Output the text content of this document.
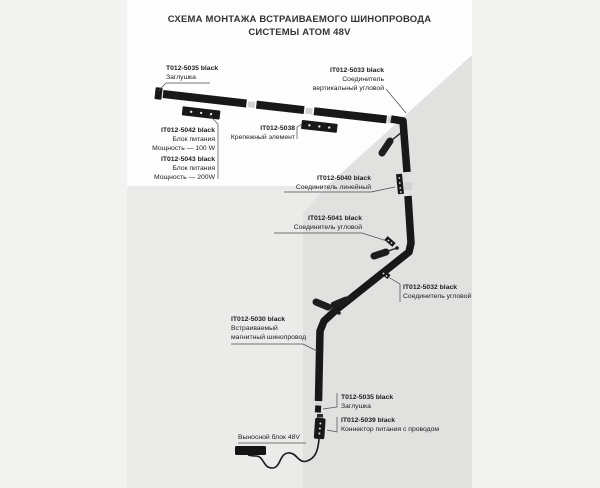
СХЕМА МОНТАЖА ВСТРАИВАЕМОГО ШИНОПРОВОДА
СИСТЕМЫ АТОМ 48V
T012-5035 black
Заглушка
IT012-5042 black
Блок питания
Мощность — 100 W
IT012-5043 black
Блок питания
Мощность — 200W
IT012-5038
Крепежный элемент
IT012-5033 black
Соединитель
вертикальный угловой
IT012-5040 black
Соединитель линейный
IT012-5041 black
Соединитель угловой
IT012-5032 black
Соединитель угловой
IT012-5030 black
Встраиваемый
магнитный шинопровод
T012-5035 black
Заглушка
IT012-5039 black
Коннектор питания с проводом
Выносной блок 48V
